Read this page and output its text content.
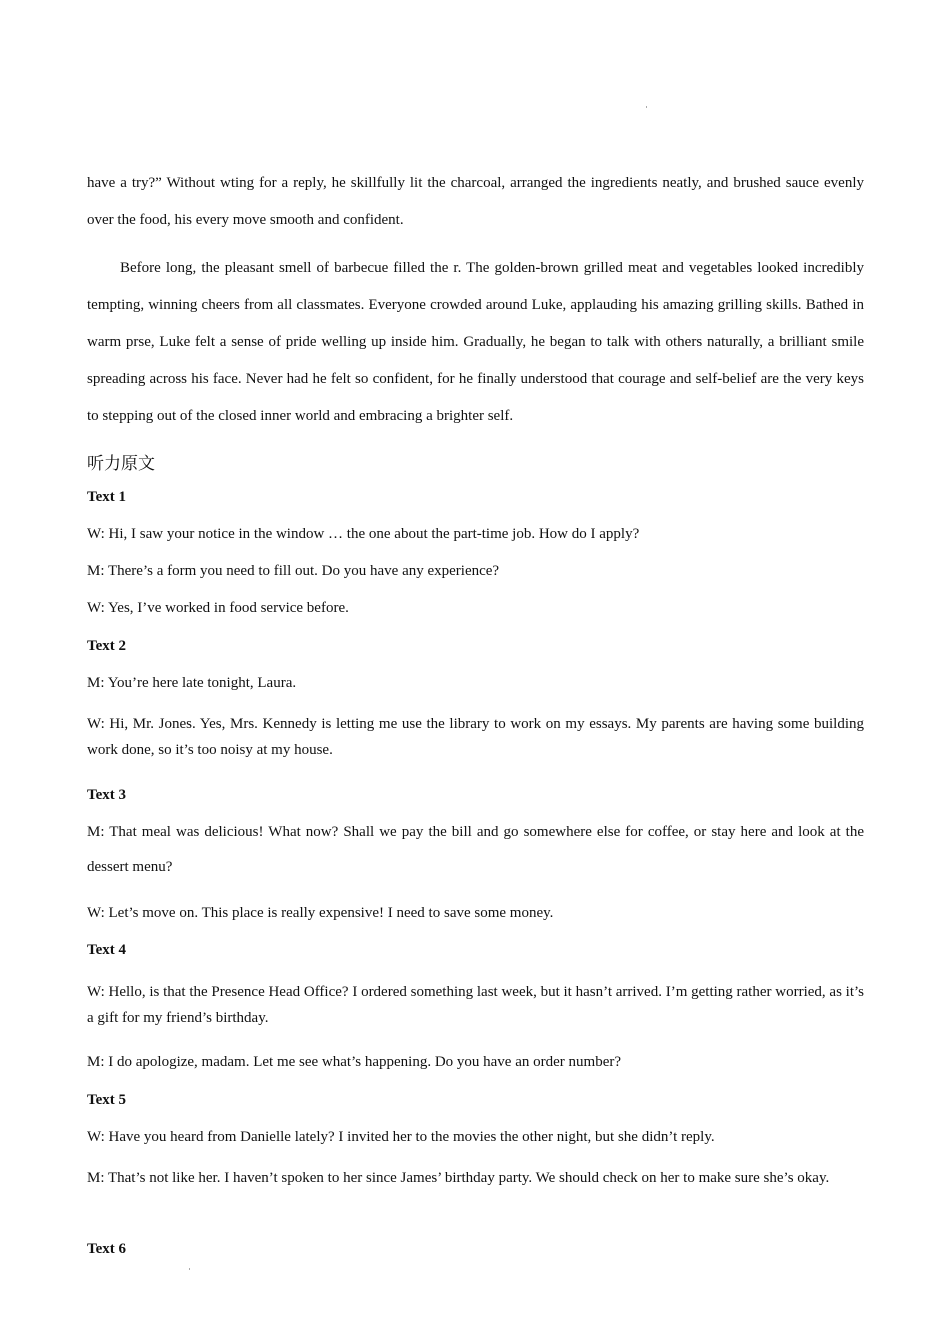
have a try?” Without wting for a reply, he skillfully lit the charcoal, arranged the ingredients neatly, and brushed sauce evenly over the food, his every move smooth and confident.

Before long, the pleasant smell of barbecue filled the r. The golden-brown grilled meat and vegetables looked incredibly tempting, winning cheers from all classmates. Everyone crowded around Luke, applauding his amazing grilling skills. Bathed in warm prse, Luke felt a sense of pride welling up inside him. Gradually, he began to talk with others naturally, a brilliant smile spreading across his face. Never had he felt so confident, for he finally understood that courage and self-belief are the very keys to stepping out of the closed inner world and embracing a brighter self.

听力原文

Text 1

W: Hi, I saw your notice in the window … the one about the part-time job. How do I apply?

M: There’s a form you need to fill out. Do you have any experience?

W: Yes, I’ve worked in food service before.

Text 2

M: You’re here late tonight, Laura.

W: Hi, Mr. Jones. Yes, Mrs. Kennedy is letting me use the library to work on my essays. My parents are having some building work done, so it’s too noisy at my house.

Text 3

M: That meal was delicious! What now? Shall we pay the bill and go somewhere else for coffee, or stay here and look at the dessert menu?

W: Let’s move on. This place is really expensive! I need to save some money.

Text 4

W: Hello, is that the Presence Head Office? I ordered something last week, but it hasn’t arrived. I’m getting rather worried, as it’s a gift for my friend’s birthday.

M: I do apologize, madam. Let me see what’s happening. Do you have an order number?

Text 5

W: Have you heard from Danielle lately? I invited her to the movies the other night, but she didn’t reply.

M: That’s not like her. I haven’t spoken to her since James’ birthday party. We should check on her to make sure she’s okay.

Text 6
